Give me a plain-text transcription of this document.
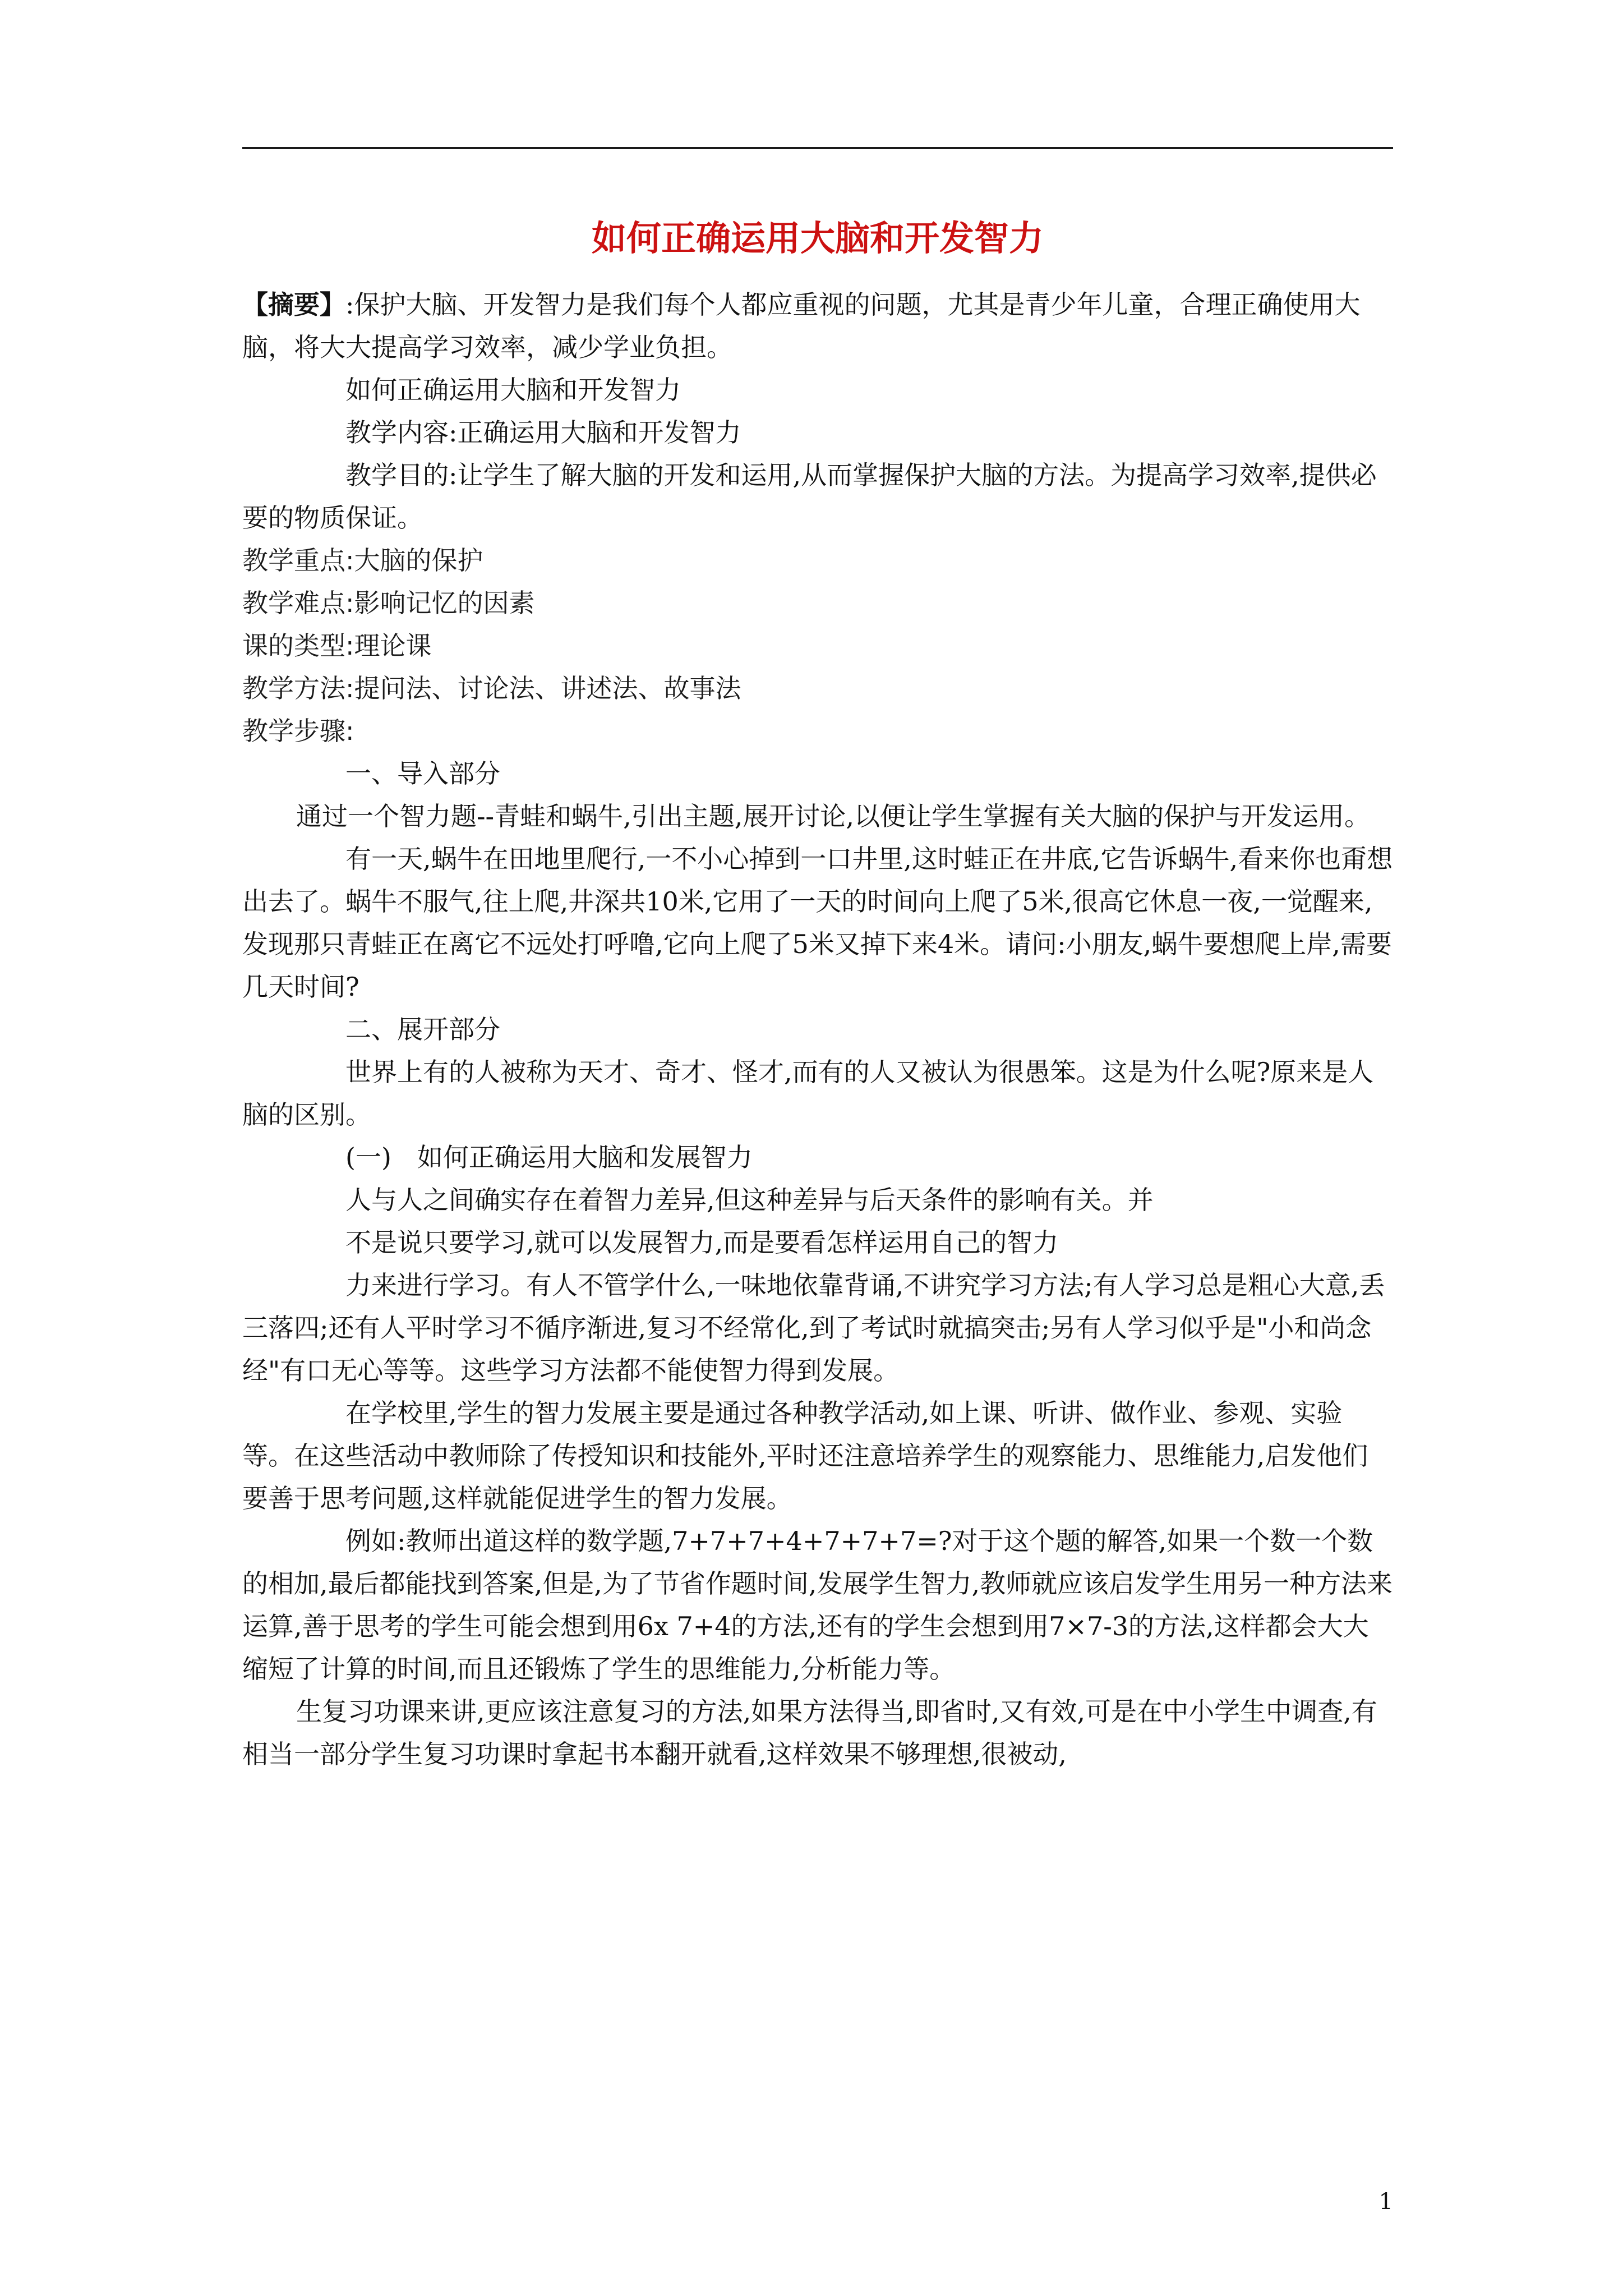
如何正确运用大脑和开发智力

【摘要】:保护大脑、开发智力是我们每个人都应重视的问题，尤其是青少年儿童，合理正确使用大脑，将大大提高学习效率，减少学业负担。

如何正确运用大脑和开发智力

教学内容:正确运用大脑和开发智力

教学目的:让学生了解大脑的开发和运用,从而掌握保护大脑的方法。为提高学习效率,提供必要的物质保证。

教学重点:大脑的保护

教学难点:影响记忆的因素

课的类型:理论课

教学方法:提问法、讨论法、讲述法、故事法

教学步骤:

一、导入部分

通过一个智力题--青蛙和蜗牛,引出主题,展开讨论,以便让学生掌握有关大脑的保护与开发运用。

有一天,蜗牛在田地里爬行,一不小心掉到一口井里,这时蛙正在井底,它告诉蜗牛,看来你也甭想出去了。蜗牛不服气,往上爬,井深共10米,它用了一天的时间向上爬了5米,很高它休息一夜,一觉醒来,发现那只青蛙正在离它不远处打呼噜,它向上爬了5米又掉下来4米。请问:小朋友,蜗牛要想爬上岸,需要几天时间?

二、展开部分

世界上有的人被称为天才、奇才、怪才,而有的人又被认为很愚笨。这是为什么呢?原来是人脑的区别。

(一)　如何正确运用大脑和发展智力

人与人之间确实存在着智力差异,但这种差异与后天条件的影响有关。并

不是说只要学习,就可以发展智力,而是要看怎样运用自己的智力

力来进行学习。有人不管学什么,一味地依靠背诵,不讲究学习方法;有人学习总是粗心大意,丢三落四;还有人平时学习不循序渐进,复习不经常化,到了考试时就搞突击;另有人学习似乎是"小和尚念经"有口无心等等。这些学习方法都不能使智力得到发展。

在学校里,学生的智力发展主要是通过各种教学活动,如上课、听讲、做作业、参观、实验等。在这些活动中教师除了传授知识和技能外,平时还注意培养学生的观察能力、思维能力,启发他们要善于思考问题,这样就能促进学生的智力发展。

例如:教师出道这样的数学题,7+7+7+4+7+7+7=?对于这个题的解答,如果一个数一个数的相加,最后都能找到答案,但是,为了节省作题时间,发展学生智力,教师就应该启发学生用另一种方法来运算,善于思考的学生可能会想到用6x 7+4的方法,还有的学生会想到用7×7-3的方法,这样都会大大缩短了计算的时间,而且还锻炼了学生的思维能力,分析能力等。

生复习功课来讲,更应该注意复习的方法,如果方法得当,即省时,又有效,可是在中小学生中调查,有相当一部分学生复习功课时拿起书本翻开就看,这样效果不够理想,很被动,

1
